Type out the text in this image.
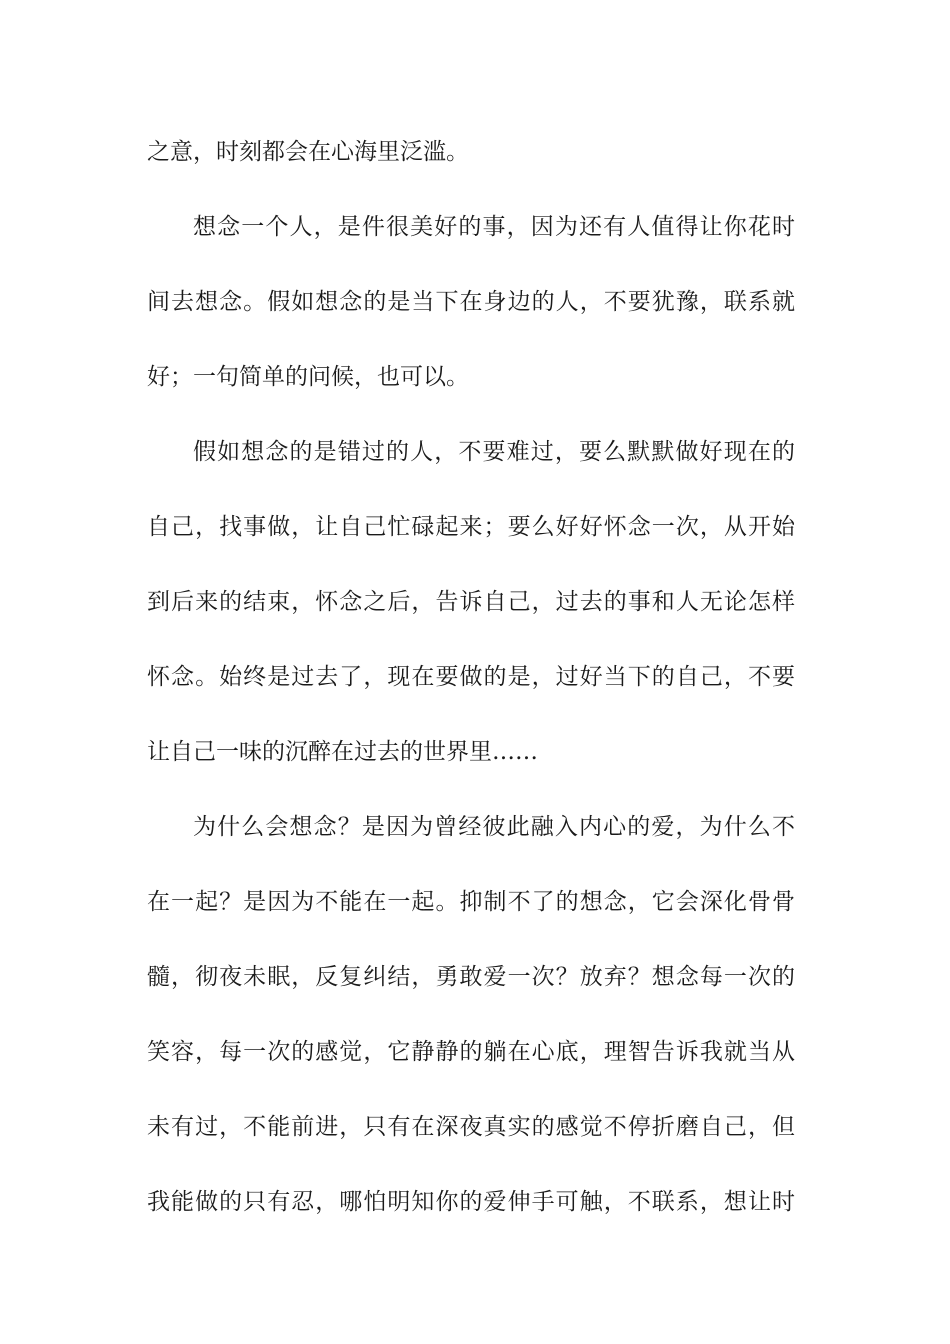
之意，时刻都会在心海里泛滥。
想念一个人，是件很美好的事，因为还有人值得让你花时
间去想念。假如想念的是当下在身边的人，不要犹豫，联系就
好；一句简单的问候，也可以。
假如想念的是错过的人，不要难过，要么默默做好现在的
自己，找事做，让自己忙碌起来；要么好好怀念一次，从开始
到后来的结束，怀念之后，告诉自己，过去的事和人无论怎样
怀念。始终是过去了，现在要做的是，过好当下的自己，不要
让自己一味的沉醉在过去的世界里……
为什么会想念？是因为曾经彼此融入内心的爱，为什么不
在一起？是因为不能在一起。抑制不了的想念，它会深化骨骨
髓，彻夜未眠，反复纠结，勇敢爱一次？放弃？想念每一次的
笑容，每一次的感觉，它静静的躺在心底，理智告诉我就当从
未有过，不能前进，只有在深夜真实的感觉不停折磨自己，但
我能做的只有忍，哪怕明知你的爱伸手可触，不联系，想让时
